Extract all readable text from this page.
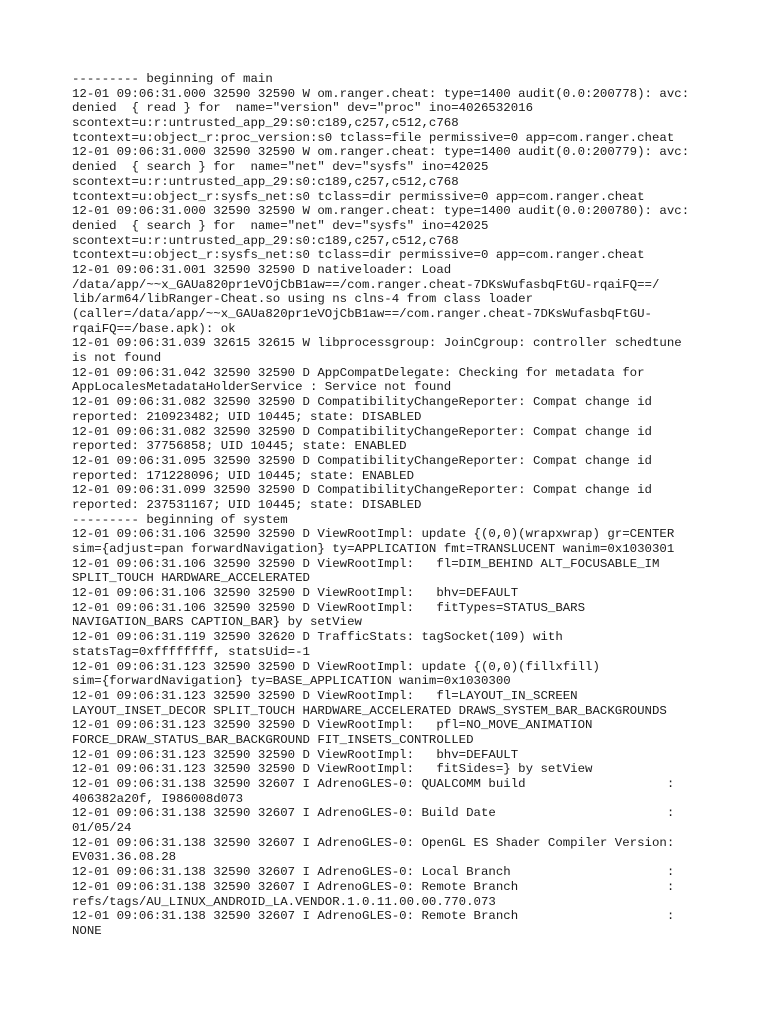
--------- beginning of main
12-01 09:06:31.000 32590 32590 W om.ranger.cheat: type=1400 audit(0.0:200778): avc:
denied  { read } for  name="version" dev="proc" ino=4026532016
scontext=u:r:untrusted_app_29:s0:c189,c257,c512,c768
tcontext=u:object_r:proc_version:s0 tclass=file permissive=0 app=com.ranger.cheat
12-01 09:06:31.000 32590 32590 W om.ranger.cheat: type=1400 audit(0.0:200779): avc:
denied  { search } for  name="net" dev="sysfs" ino=42025
scontext=u:r:untrusted_app_29:s0:c189,c257,c512,c768
tcontext=u:object_r:sysfs_net:s0 tclass=dir permissive=0 app=com.ranger.cheat
12-01 09:06:31.000 32590 32590 W om.ranger.cheat: type=1400 audit(0.0:200780): avc:
denied  { search } for  name="net" dev="sysfs" ino=42025
scontext=u:r:untrusted_app_29:s0:c189,c257,c512,c768
tcontext=u:object_r:sysfs_net:s0 tclass=dir permissive=0 app=com.ranger.cheat
12-01 09:06:31.001 32590 32590 D nativeloader: Load
/data/app/~~x_GAUa820pr1eVOjCbB1aw==/com.ranger.cheat-7DKsWufasbqFtGU-rqaiFQ==/
lib/arm64/libRanger-Cheat.so using ns clns-4 from class loader
(caller=/data/app/~~x_GAUa820pr1eVOjCbB1aw==/com.ranger.cheat-7DKsWufasbqFtGU-
rqaiFQ==/base.apk): ok
12-01 09:06:31.039 32615 32615 W libprocessgroup: JoinCgroup: controller schedtune
is not found
12-01 09:06:31.042 32590 32590 D AppCompatDelegate: Checking for metadata for
AppLocalesMetadataHolderService : Service not found
12-01 09:06:31.082 32590 32590 D CompatibilityChangeReporter: Compat change id
reported: 210923482; UID 10445; state: DISABLED
12-01 09:06:31.082 32590 32590 D CompatibilityChangeReporter: Compat change id
reported: 37756858; UID 10445; state: ENABLED
12-01 09:06:31.095 32590 32590 D CompatibilityChangeReporter: Compat change id
reported: 171228096; UID 10445; state: ENABLED
12-01 09:06:31.099 32590 32590 D CompatibilityChangeReporter: Compat change id
reported: 237531167; UID 10445; state: DISABLED
--------- beginning of system
12-01 09:06:31.106 32590 32590 D ViewRootImpl: update {(0,0)(wrapxwrap) gr=CENTER
sim={adjust=pan forwardNavigation} ty=APPLICATION fmt=TRANSLUCENT wanim=0x1030301
12-01 09:06:31.106 32590 32590 D ViewRootImpl:   fl=DIM_BEHIND ALT_FOCUSABLE_IM
SPLIT_TOUCH HARDWARE_ACCELERATED
12-01 09:06:31.106 32590 32590 D ViewRootImpl:   bhv=DEFAULT
12-01 09:06:31.106 32590 32590 D ViewRootImpl:   fitTypes=STATUS_BARS
NAVIGATION_BARS CAPTION_BAR} by setView
12-01 09:06:31.119 32590 32620 D TrafficStats: tagSocket(109) with
statsTag=0xffffffff, statsUid=-1
12-01 09:06:31.123 32590 32590 D ViewRootImpl: update {(0,0)(fillxfill)
sim={forwardNavigation} ty=BASE_APPLICATION wanim=0x1030300
12-01 09:06:31.123 32590 32590 D ViewRootImpl:   fl=LAYOUT_IN_SCREEN
LAYOUT_INSET_DECOR SPLIT_TOUCH HARDWARE_ACCELERATED DRAWS_SYSTEM_BAR_BACKGROUNDS
12-01 09:06:31.123 32590 32590 D ViewRootImpl:   pfl=NO_MOVE_ANIMATION
FORCE_DRAW_STATUS_BAR_BACKGROUND FIT_INSETS_CONTROLLED
12-01 09:06:31.123 32590 32590 D ViewRootImpl:   bhv=DEFAULT
12-01 09:06:31.123 32590 32590 D ViewRootImpl:   fitSides=} by setView
12-01 09:06:31.138 32590 32607 I AdrenoGLES-0: QUALCOMM build                   :
406382a20f, I986008d073
12-01 09:06:31.138 32590 32607 I AdrenoGLES-0: Build Date                       :
01/05/24
12-01 09:06:31.138 32590 32607 I AdrenoGLES-0: OpenGL ES Shader Compiler Version:
EV031.36.08.28
12-01 09:06:31.138 32590 32607 I AdrenoGLES-0: Local Branch                     :
12-01 09:06:31.138 32590 32607 I AdrenoGLES-0: Remote Branch                    :
refs/tags/AU_LINUX_ANDROID_LA.VENDOR.1.0.11.00.00.770.073
12-01 09:06:31.138 32590 32607 I AdrenoGLES-0: Remote Branch                    :
NONE
